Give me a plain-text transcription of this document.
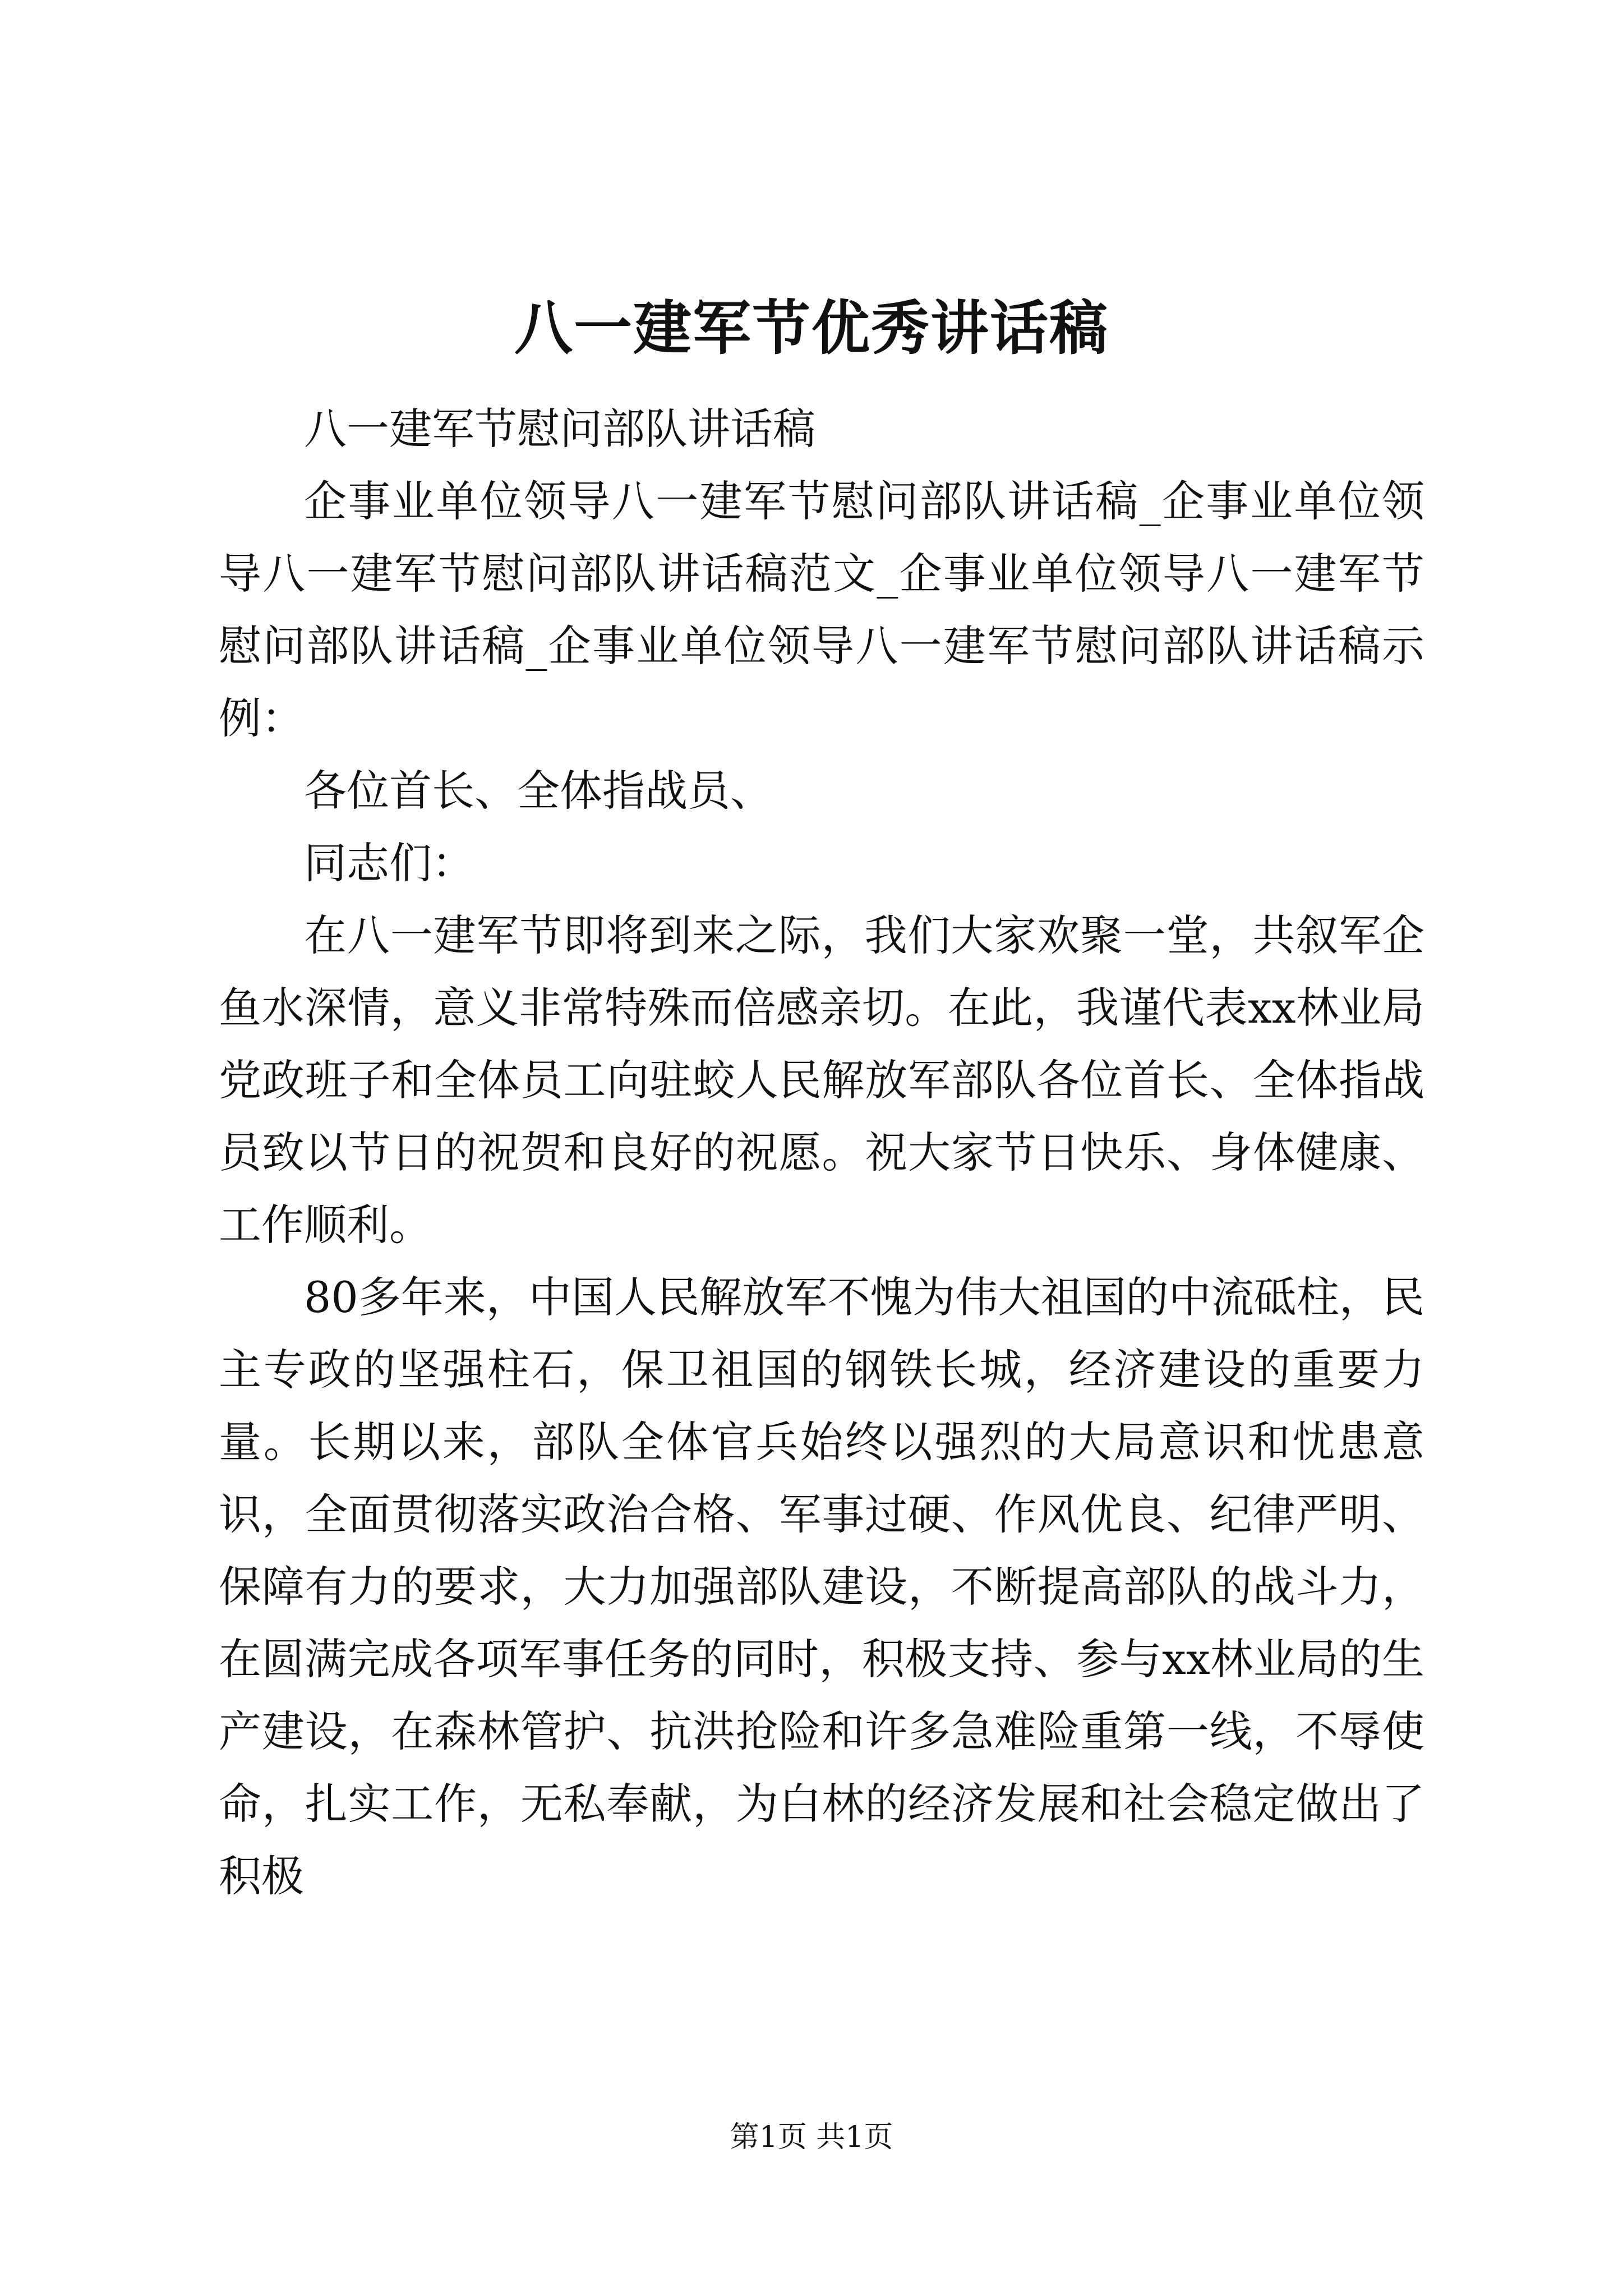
八一建军节优秀讲话稿

八一建军节慰问部队讲话稿

企事业单位领导八一建军节慰问部队讲话稿_企事业单位领导八一建军节慰问部队讲话稿范文_企事业单位领导八一建军节慰问部队讲话稿_企事业单位领导八一建军节慰问部队讲话稿示例：

各位首长、全体指战员、

同志们：

在八一建军节即将到来之际，我们大家欢聚一堂，共叙军企鱼水深情，意义非常特殊而倍感亲切。在此，我谨代表xx林业局党政班子和全体员工向驻蛟人民解放军部队各位首长、全体指战员致以节日的祝贺和良好的祝愿。祝大家节日快乐、身体健康、工作顺利。

80多年来，中国人民解放军不愧为伟大祖国的中流砥柱，民主专政的坚强柱石，保卫祖国的钢铁长城，经济建设的重要力量。长期以来，部队全体官兵始终以强烈的大局意识和忧患意识，全面贯彻落实政治合格、军事过硬、作风优良、纪律严明、保障有力的要求，大力加强部队建设，不断提高部队的战斗力，在圆满完成各项军事任务的同时，积极支持、参与xx林业局的生产建设，在森林管护、抗洪抢险和许多急难险重第一线，不辱使命，扎实工作，无私奉献，为白林的经济发展和社会稳定做出了积极

第1页 共1页
